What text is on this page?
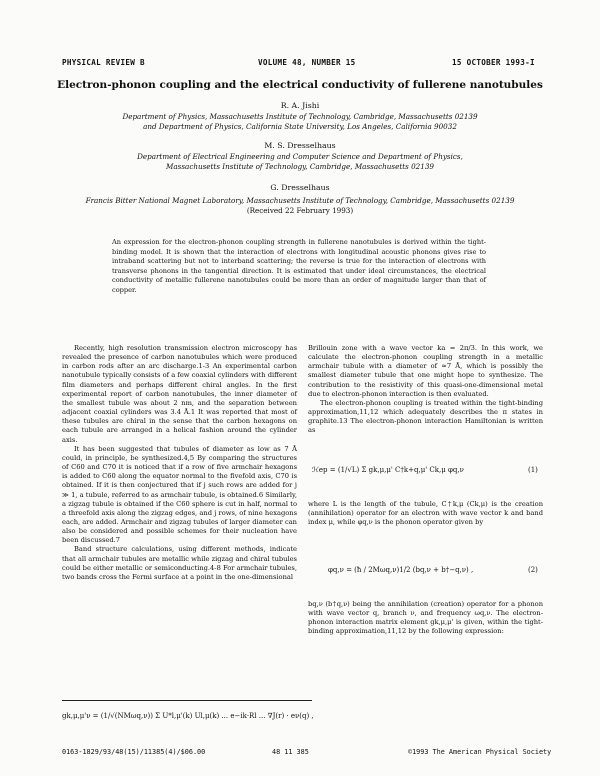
PHYSICAL REVIEW B	VOLUME 48, NUMBER 15	15 OCTOBER 1993-I
Electron-phonon coupling and the electrical conductivity of fullerene nanotubules
R. A. Jishi
Department of Physics, Massachusetts Institute of Technology, Cambridge, Massachusetts 02139
and Department of Physics, California State University, Los Angeles, California 90032
M. S. Dresselhaus
Department of Electrical Engineering and Computer Science and Department of Physics,
Massachusetts Institute of Technology, Cambridge, Massachusetts 02139
G. Dresselhaus
Francis Bitter National Magnet Laboratory, Massachusetts Institute of Technology, Cambridge, Massachusetts 02139
(Received 22 February 1993)
An expression for the electron-phonon coupling strength in fullerene nanotubules is derived within the tight-binding model. It is shown that the interaction of electrons with longitudinal acoustic phonons gives rise to intraband scattering but not to interband scattering; the reverse is true for the interaction of electrons with transverse phonons in the tangential direction. It is estimated that under ideal circumstances, the electrical conductivity of metallic fullerene nanotubules could be more than an order of magnitude larger than that of copper.

Recently, high resolution transmission electron microscopy has revealed the presence of carbon nanotubules which were produced in carbon rods after an arc discharge.1-3 An experimental carbon nanotubule typically consists of a few coaxial cylinders with different film diameters and perhaps different chiral angles. In the first experimental report of carbon nanotubules, the inner diameter of the smallest tubule was about 2 nm, and the separation between adjacent coaxial cylinders was 3.4 Å.1 It was reported that most of these tubules are chiral in the sense that the carbon hexagons on each tubule are arranged in a helical fashion around the cylinder axis.

It has been suggested that tubules of diameter as low as 7 Å could, in principle, be synthesized.4,5 By comparing the structures of C60 and C70 it is noticed that if a row of five armchair hexagons is added to C60 along the equator normal to the fivefold axis, C70 is obtained. If it is then conjectured that if j such rows are added for j ≫ 1, a tubule, referred to as armchair tubule, is obtained.6 Similarly, a zigzag tubule is obtained if the C60 sphere is cut in half, normal to a threefold axis along the zigzag edges, and j rows, of nine hexagons each, are added. Armchair and zigzag tubules of larger diameter can also be considered and possible schemes for their nucleation have been discussed.7

Band structure calculations, using different methods, indicate that all armchair tubules are metallic while zigzag and chiral tubules could be either metallic or semiconducting.4-8 For armchair tubules, two bands cross the Fermi surface at a point in the one-dimensional

Brillouin zone with a wave vector ka = 2π/3. In this work, we calculate the electron-phonon coupling strength in a metallic armchair tubule with a diameter of ≈7 Å, which is possibly the smallest diameter tubule that one might hope to synthesize. The contribution to the resistivity of this quasi-one-dimensional metal due to electron-phonon interaction is then evaluated.

The electron-phonon coupling is treated within the tight-binding approximation,11,12 which adequately describes the π states in graphite.13 The electron-phonon interaction Hamiltonian is written as

ℋep = (1/√L) Σ gk,μ,μ' C†k+q,μ' Ck,μ φq,ν	(1)

where L is the length of the tubule, C†k,μ (Ck,μ) is the creation (annihilation) operator for an electron with wave vector k and band index μ, while φq,ν is the phonon operator given by

φq,ν = (ħ / 2Mωq,ν)1/2 (bq,ν + b†−q,ν) ,	(2)

bq,ν (b†q,ν) being the annihilation (creation) operator for a phonon with wave vector q, branch ν, and frequency ωq,ν. The electron-phonon interaction matrix element gk,μ,μ' is given, within the tight-binding approximation,11,12 by the following expression:

gk,μ,μ'ν = (1/√(NMωq,ν)) Σ U*l,μ'(k) Ul,μ(k) ... e−ik·Rl ... ∇J(r) · eν(q) ,
0163-1829/93/48(15)/11385(4)/$06.00	48 11 385	©1993 The American Physical Society
